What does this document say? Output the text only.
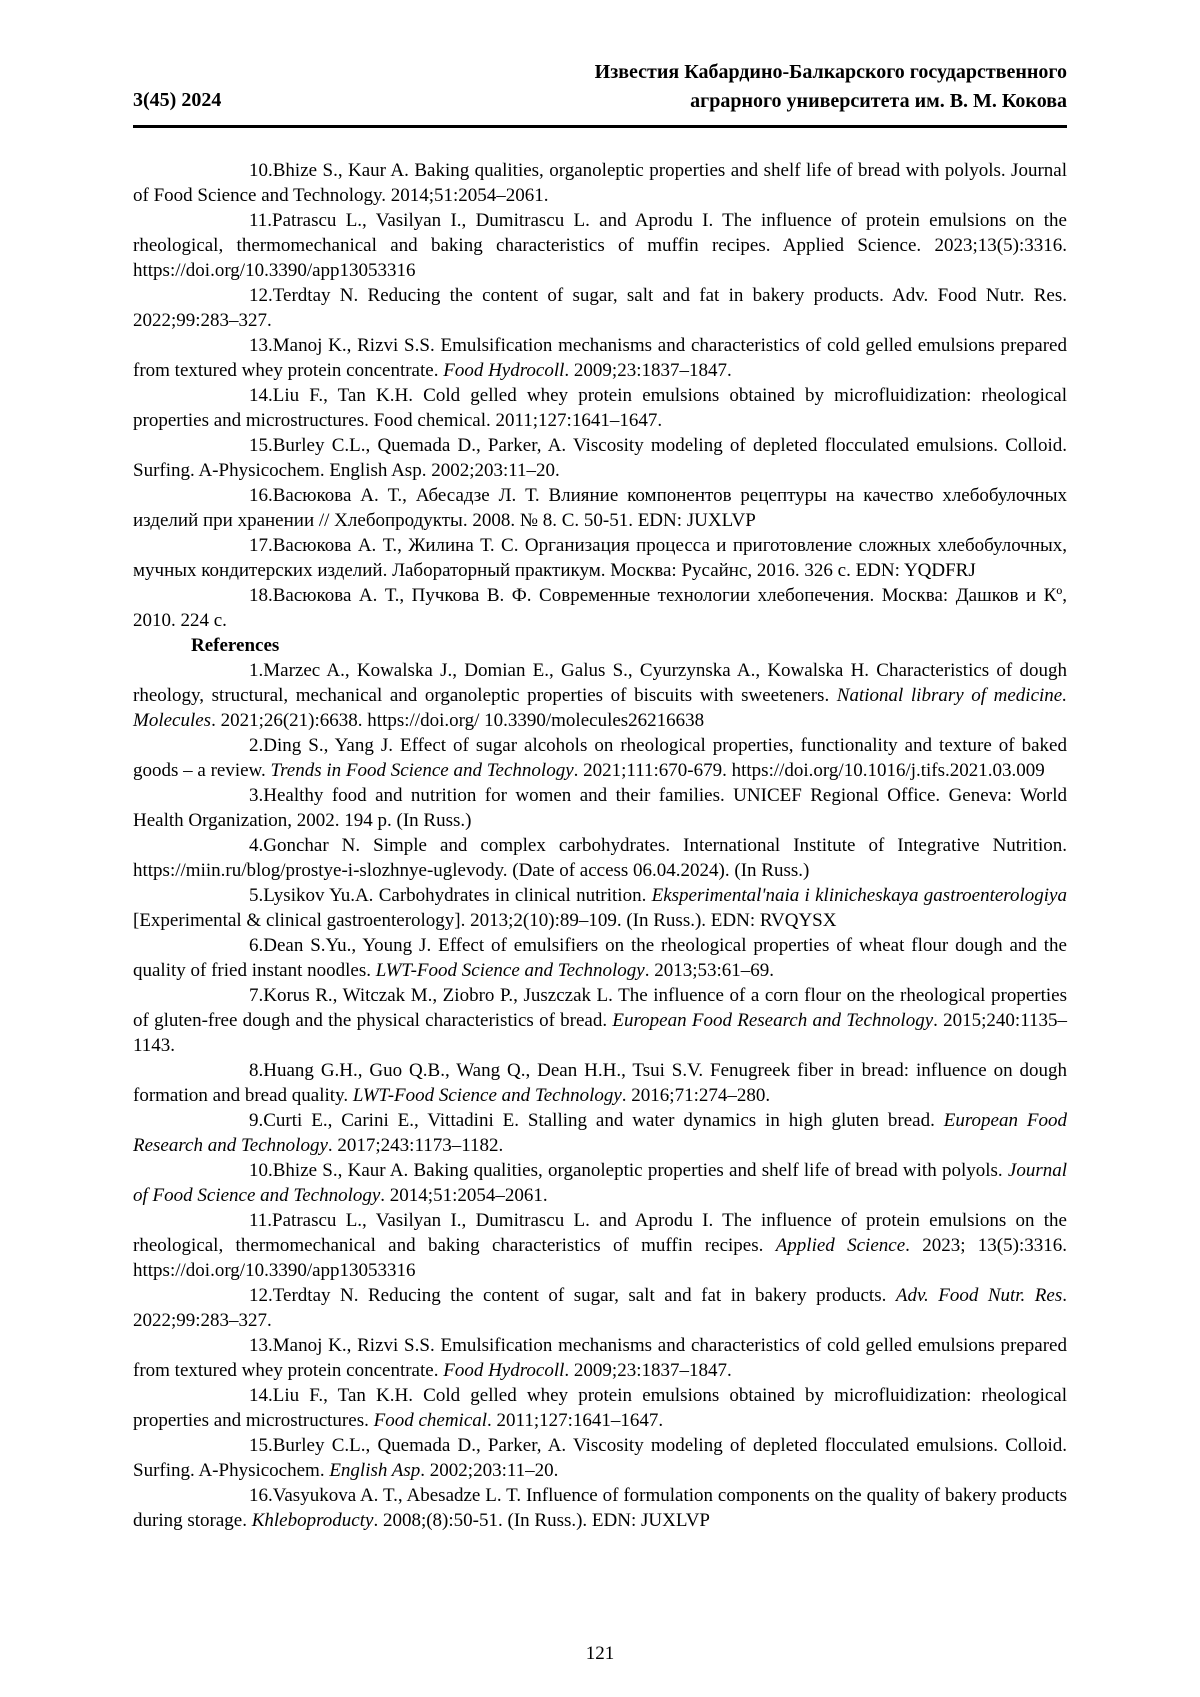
3(45) 2024
Известия Кабардино-Балкарского государственного
аграрного университета им. В. М. Кокова

10.Bhize S., Kaur A. Baking qualities, organoleptic properties and shelf life of bread with polyols. Journal of Food Science and Technology. 2014;51:2054–2061.

11.Patrascu L., Vasilyan I., Dumitrascu L. and Aprodu I. The influence of protein emulsions on the rheological, thermomechanical and baking characteristics of muffin recipes. Applied Science. 2023;13(5):3316. https://doi.org/10.3390/app13053316

12.Terdtay N. Reducing the content of sugar, salt and fat in bakery products. Adv. Food Nutr. Res. 2022;99:283–327.

13.Manoj K., Rizvi S.S. Emulsification mechanisms and characteristics of cold gelled emulsions prepared from textured whey protein concentrate. Food Hydrocoll. 2009;23:1837–1847.

14.Liu F., Tan K.H. Cold gelled whey protein emulsions obtained by microfluidization: rheological properties and microstructures. Food chemical. 2011;127:1641–1647.

15.Burley C.L., Quemada D., Parker, A. Viscosity modeling of depleted flocculated emulsions. Colloid. Surfing. A-Physicochem. English Asp. 2002;203:11–20.

16.Васюкова А. Т., Абесадзе Л. Т. Влияние компонентов рецептуры на качество хлебобулочных изделий при хранении // Хлебопродукты. 2008. № 8. С. 50-51. EDN: JUXLVP

17.Васюкова А. Т., Жилина Т. С. Организация процесса и приготовление сложных хлебобулочных, мучных кондитерских изделий. Лабораторный практикум. Москва: Русайнс, 2016. 326 с. EDN: YQDFRJ

18.Васюкова А. Т., Пучкова В. Ф. Современные технологии хлебопечения. Москва: Дашков и Кº, 2010. 224 с.

References

1.Marzec A., Kowalska J., Domian E., Galus S., Cyurzynska A., Kowalska H. Characteristics of dough rheology, structural, mechanical and organoleptic properties of biscuits with sweeteners. National library of medicine. Molecules. 2021;26(21):6638. https://doi.org/ 10.3390/molecules26216638

2.Ding S., Yang J. Effect of sugar alcohols on rheological properties, functionality and texture of baked goods – a review. Trends in Food Science and Technology. 2021;111:670-679. https://doi.org/10.1016/j.tifs.2021.03.009

3.Healthy food and nutrition for women and their families. UNICEF Regional Office. Geneva: World Health Organization, 2002. 194 p. (In Russ.)

4.Gonchar N. Simple and complex carbohydrates. International Institute of Integrative Nutrition. https://miin.ru/blog/prostye-i-slozhnye-uglevody. (Date of access 06.04.2024). (In Russ.)

5.Lysikov Yu.A. Carbohydrates in clinical nutrition. Eksperimental'naia i klinicheskaya gastroenterologiya [Experimental & clinical gastroenterology]. 2013;2(10):89–109. (In Russ.). EDN: RVQYSX

6.Dean S.Yu., Young J. Effect of emulsifiers on the rheological properties of wheat flour dough and the quality of fried instant noodles. LWT-Food Science and Technology. 2013;53:61–69.

7.Korus R., Witczak M., Ziobro P., Juszczak L. The influence of a corn flour on the rheological properties of gluten-free dough and the physical characteristics of bread. European Food Research and Technology. 2015;240:1135–1143.

8.Huang G.H., Guo Q.B., Wang Q., Dean H.H., Tsui S.V. Fenugreek fiber in bread: influence on dough formation and bread quality. LWT-Food Science and Technology. 2016;71:274–280.

9.Curti E., Carini E., Vittadini E. Stalling and water dynamics in high gluten bread. European Food Research and Technology. 2017;243:1173–1182.

10.Bhize S., Kaur A. Baking qualities, organoleptic properties and shelf life of bread with polyols. Journal of Food Science and Technology. 2014;51:2054–2061.

11.Patrascu L., Vasilyan I., Dumitrascu L. and Aprodu I. The influence of protein emulsions on the rheological, thermomechanical and baking characteristics of muffin recipes. Applied Science. 2023; 13(5):3316. https://doi.org/10.3390/app13053316

12.Terdtay N. Reducing the content of sugar, salt and fat in bakery products. Adv. Food Nutr. Res. 2022;99:283–327.

13.Manoj K., Rizvi S.S. Emulsification mechanisms and characteristics of cold gelled emulsions prepared from textured whey protein concentrate. Food Hydrocoll. 2009;23:1837–1847.

14.Liu F., Tan K.H. Cold gelled whey protein emulsions obtained by microfluidization: rheological properties and microstructures. Food chemical. 2011;127:1641–1647.

15.Burley C.L., Quemada D., Parker, A. Viscosity modeling of depleted flocculated emulsions. Colloid. Surfing. A-Physicochem. English Asp. 2002;203:11–20.

16.Vasyukova A. T., Abesadze L. T. Influence of formulation components on the quality of bakery products during storage. Khleboproducty. 2008;(8):50-51. (In Russ.). EDN: JUXLVP

121
